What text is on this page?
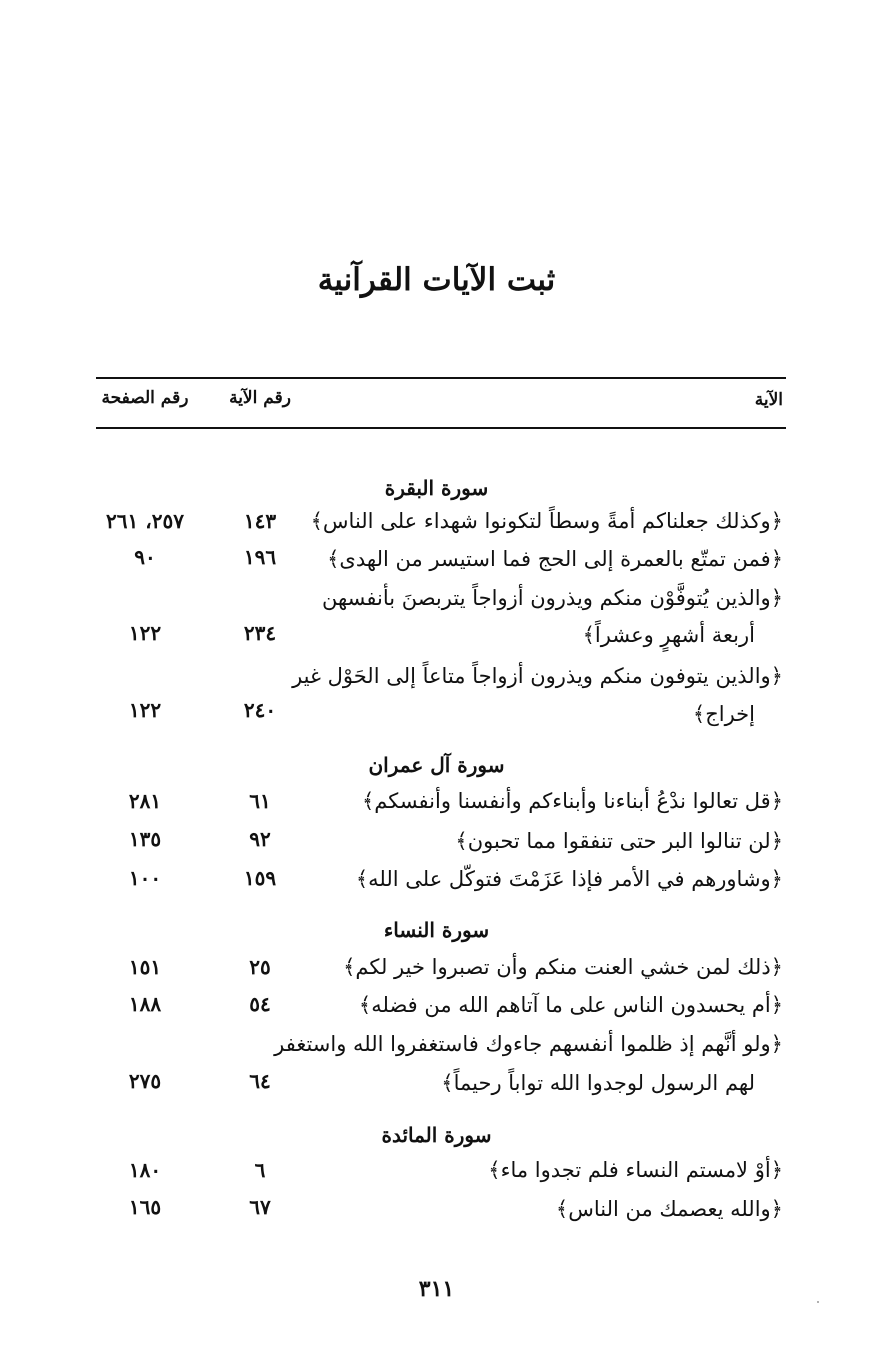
ثبت الآيات القرآنية
الآية
رقم الآية
رقم الصفحة
سورة البقرة
﴿وكذلك جعلناكم أمةً وسطاً لتكونوا شهداء على الناس﴾
١٤٣
٢٥٧، ٢٦١
﴿فمن تمتّع بالعمرة إلى الحج فما استيسر من الهدى﴾
١٩٦
٩٠
﴿والذين يُتوفَّوْن منكم ويذرون أزواجاً يتربصنَ بأنفسهن
أربعة أشهرٍ وعشراً﴾
٢٣٤
١٢٢
﴿والذين يتوفون منكم ويذرون أزواجاً متاعاً إلى الحَوْل غير
إخراج﴾
٢٤٠
١٢٢
سورة آل عمران
﴿قل تعالوا ندْعُ أبناءنا وأبناءكم وأنفسنا وأنفسكم﴾
٦١
٢٨١
﴿لن تنالوا البر حتى تنفقوا مما تحبون﴾
٩٢
١٣٥
﴿وشاورهم في الأمر فإذا عَزَمْتَ فتوكّل على الله﴾
١٥٩
١٠٠
سورة النساء
﴿ذلك لمن خشي العنت منكم وأن تصبروا خير لكم﴾
٢٥
١٥١
﴿أم يحسدون الناس على ما آتاهم الله من فضله﴾
٥٤
١٨٨
﴿ولو أنَّهم إذ ظلموا أنفسهم جاءوك فاستغفروا الله واستغفر
لهم الرسول لوجدوا الله تواباً رحيماً﴾
٦٤
٢٧٥
سورة المائدة
﴿أوْ لامستم النساء فلم تجدوا ماء﴾
٦
١٨٠
﴿والله يعصمك من الناس﴾
٦٧
١٦٥
٣١١
